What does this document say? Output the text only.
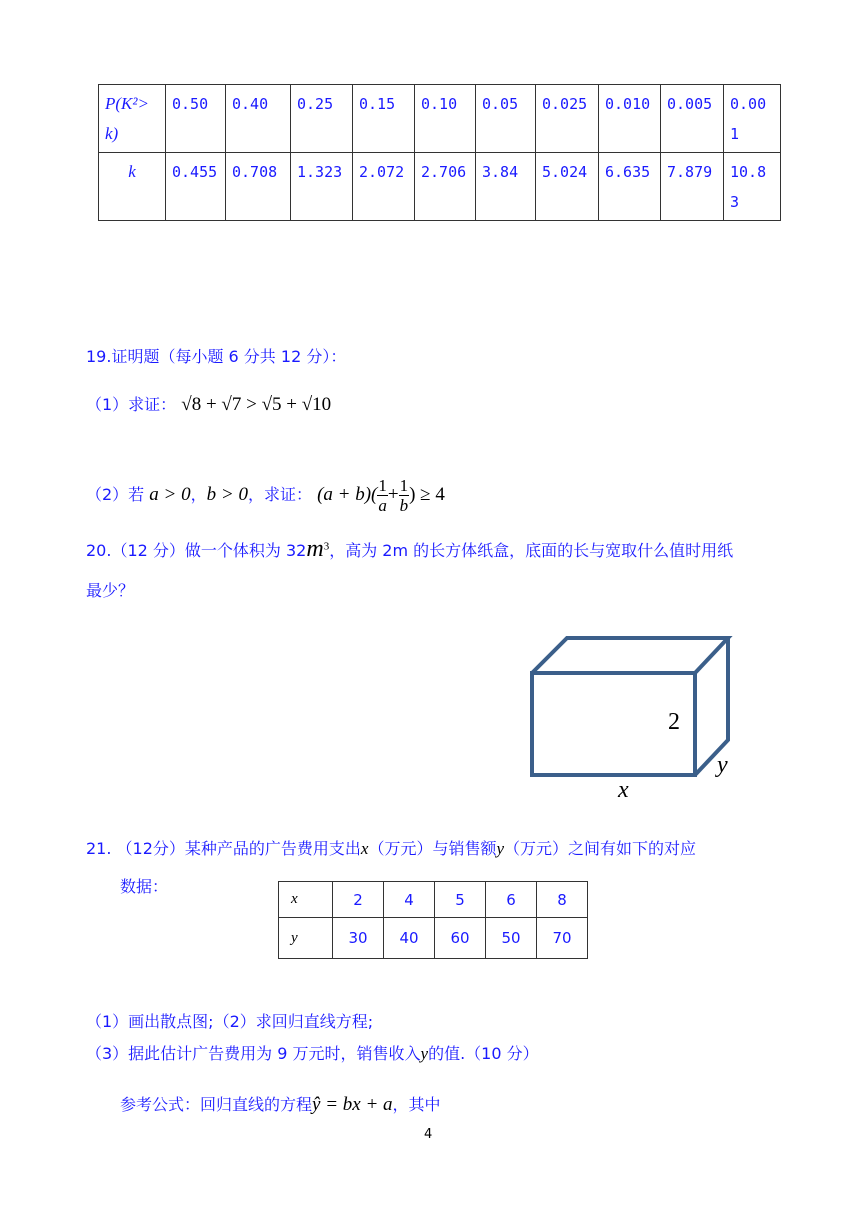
P(K²>k)	0.50	0.40	0.25	0.15	0.10	0.05	0.025	0.010	0.005	0.001
k	0.455	0.708	1.323	2.072	2.706	3.84	5.024	6.635	7.879	10.83
19.证明题（每小题 6 分共 12 分）：
（1）求证： √8 + √7 > √5 + √10
（2）若 a > 0，b > 0，求证： $(a + b)( \frac{1}{a} + \frac{1}{b}$ ) ≥ 4
20.（12 分）做一个体积为 $32m^3$，高为 2m 的长方体纸盒，底面的长与宽取什么值时用纸
最少？
2
y
x
21. （12分）某种产品的广告费用支出x（万元）与销售额y（万元）之间有如下的对应
数据：
x	2	4	5	6	8
y	30	40	60	50	70
（1）画出散点图;（2）求回归直线方程;
（3）据此估计广告费用为 9 万元时，销售收入y的值.（10 分）
参考公式：回归直线的方程ŷ = bx + a，其中
4
